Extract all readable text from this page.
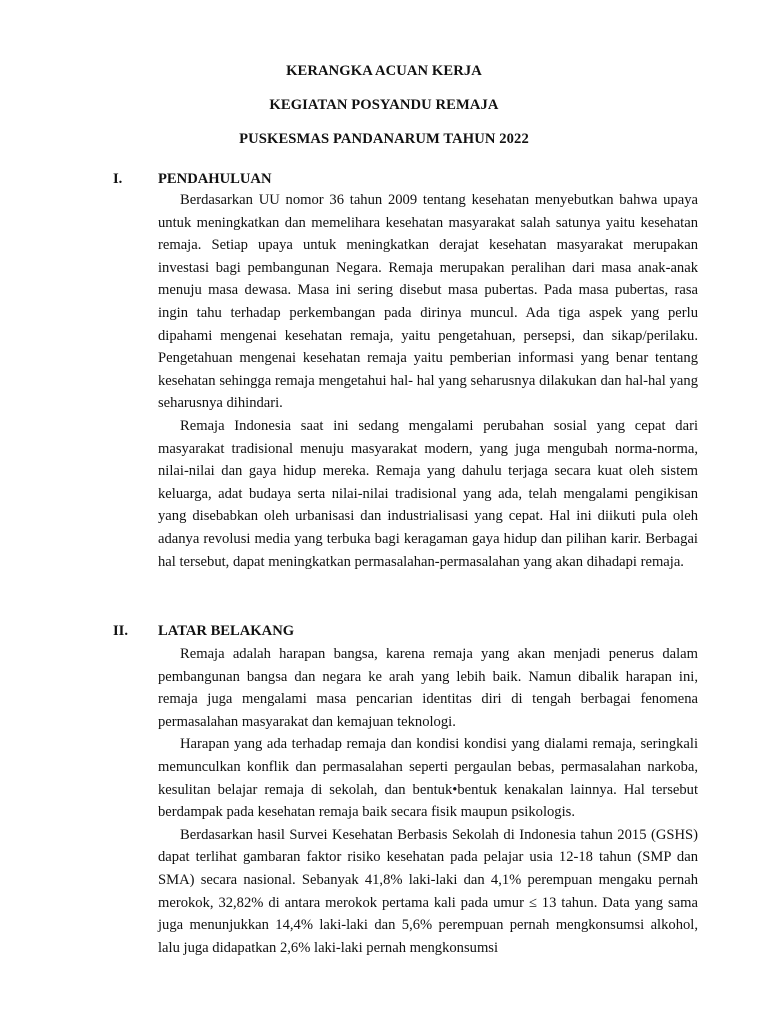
KERANGKA ACUAN KERJA
KEGIATAN POSYANDU REMAJA
PUSKESMAS PANDANARUM TAHUN 2022
I. PENDAHULUAN

Berdasarkan UU nomor 36 tahun 2009 tentang kesehatan menyebutkan bahwa upaya untuk meningkatkan dan memelihara kesehatan masyarakat salah satunya yaitu kesehatan remaja. Setiap upaya untuk meningkatkan derajat kesehatan masyarakat merupakan investasi bagi pembangunan Negara. Remaja merupakan peralihan dari masa anak-anak menuju masa dewasa. Masa ini sering disebut masa pubertas. Pada masa pubertas, rasa ingin tahu terhadap perkembangan pada dirinya muncul. Ada tiga aspek yang perlu dipahami mengenai kesehatan remaja, yaitu pengetahuan, persepsi, dan sikap/perilaku. Pengetahuan mengenai kesehatan remaja yaitu pemberian informasi yang benar tentang kesehatan sehingga remaja mengetahui hal- hal yang seharusnya dilakukan dan hal-hal yang seharusnya dihindari.

Remaja Indonesia saat ini sedang mengalami perubahan sosial yang cepat dari masyarakat tradisional menuju masyarakat modern, yang juga mengubah norma-norma, nilai-nilai dan gaya hidup mereka. Remaja yang dahulu terjaga secara kuat oleh sistem keluarga, adat budaya serta nilai-nilai tradisional yang ada, telah mengalami pengikisan yang disebabkan oleh urbanisasi dan industrialisasi yang cepat. Hal ini diikuti pula oleh adanya revolusi media yang terbuka bagi keragaman gaya hidup dan pilihan karir. Berbagai hal tersebut, dapat meningkatkan permasalahan-permasalahan yang akan dihadapi remaja.

II. LATAR BELAKANG

Remaja adalah harapan bangsa, karena remaja yang akan menjadi penerus dalam pembangunan bangsa dan negara ke arah yang lebih baik. Namun dibalik harapan ini, remaja juga mengalami masa pencarian identitas diri di tengah berbagai fenomena permasalahan masyarakat dan kemajuan teknologi.

Harapan yang ada terhadap remaja dan kondisi kondisi yang dialami remaja, seringkali memunculkan konflik dan permasalahan seperti pergaulan bebas, permasalahan narkoba, kesulitan belajar remaja di sekolah, dan bentuk•bentuk kenakalan lainnya. Hal tersebut berdampak pada kesehatan remaja baik secara fisik maupun psikologis.

Berdasarkan hasil Survei Kesehatan Berbasis Sekolah di Indonesia tahun 2015 (GSHS) dapat terlihat gambaran faktor risiko kesehatan pada pelajar usia 12-18 tahun (SMP dan SMA) secara nasional. Sebanyak 41,8% laki-laki dan 4,1% perempuan mengaku pernah merokok, 32,82% di antara merokok pertama kali pada umur ≤ 13 tahun. Data yang sama juga menunjukkan 14,4% laki-laki dan 5,6% perempuan pernah mengkonsumsi alkohol, lalu juga didapatkan 2,6% laki-laki pernah mengkonsumsi
